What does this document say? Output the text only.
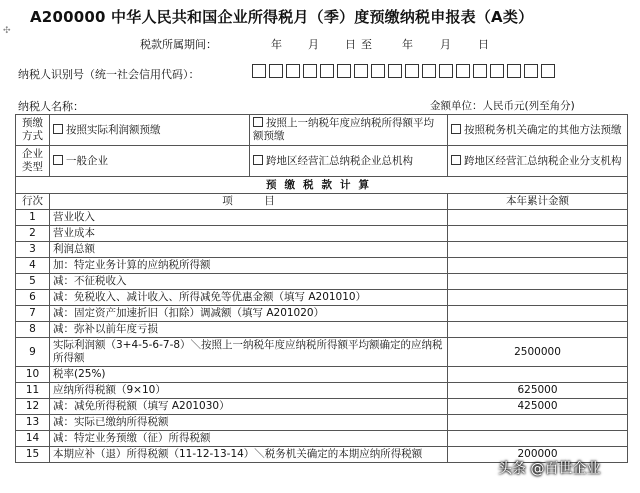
A200000 中华人民共和国企业所得税月（季）度预缴纳税申报表（A类）
✣
税款所属期间：	年 月 日 至	年 月 日
纳税人识别号（统一社会信用代码）：
纳税人名称：	金额单位：人民币元(列至角分)
预缴方式	按照实际利润额预缴	按照上一纳税年度应纳税所得额平均额预缴	按照税务机关确定的其他方法预缴
企业类型	一般企业	跨地区经营汇总纳税企业总机构	跨地区经营汇总纳税企业分支机构
预缴税款计算			
行次	项　　　目		本年累计金额
1	营业收入		
2	营业成本		
3	利润总额		
4	加：特定业务计算的应纳税所得额		
5	减：不征税收入		
6	减：免税收入、减计收入、所得减免等优惠金额（填写 A201010）		
7	减：固定资产加速折旧（扣除）调减额（填写 A201020）		
8	减：弥补以前年度亏损		
9	实际利润额（3+4-5-6-7-8）＼按照上一纳税年度应纳税所得额平均额确定的应纳税所得额		2500000
10	税率(25%)		
11	应纳所得税额（9×10）		625000
12	减：减免所得税额（填写 A201030）		425000
13	减：实际已缴纳所得税额		
14	减：特定业务预缴（征）所得税额		
15	本期应补（退）所得税额（11-12-13-14）＼税务机关确定的本期应纳所得税额		200000
头条 @百世企业
